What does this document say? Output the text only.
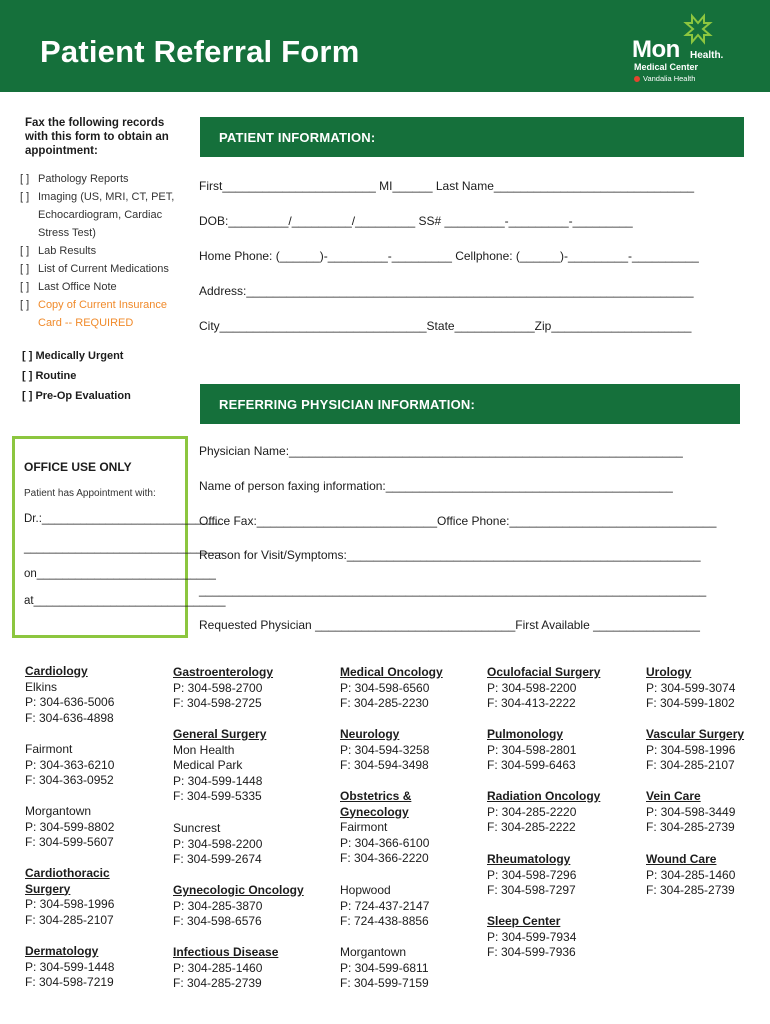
Patient Referral Form	Mon Health.
Medical Center
Vandalia Health
Fax the following records with this form to obtain an appointment:
[ ] Pathology Reports
[ ] Imaging (US, MRI, CT, PET, Echocardiogram, Cardiac Stress Test)
[ ] Lab Results
[ ] List of Current Medications
[ ] Last Office Note
[ ] Copy of Current Insurance Card -- REQUIRED
[ ] Medically Urgent
[ ] Routine
[ ] Pre-Op Evaluation
OFFICE USE ONLY
Patient has Appointment with:
Dr.:____________________________
_______________________________
on____________________________
at______________________________
PATIENT INFORMATION:
First_______________________ MI______ Last Name______________________________
DOB:_________/_________/_________ SS# _________-_________-_________
Home Phone: (______)-_________-_________ Cellphone: (______)-_________-__________
Address:___________________________________________________________________
City_______________________________State____________Zip_____________________
REFERRING PHYSICIAN INFORMATION:
Physician Name:___________________________________________________________
Name of person faxing information:___________________________________________
Office Fax:___________________________Office Phone:_______________________________
Reason for Visit/Symptoms:_____________________________________________________
____________________________________________________________________________
Requested Physician ______________________________First Available ________________
Cardiology
Elkins
P: 304-636-5006
F: 304-636-4898
Fairmont
P: 304-363-6210
F: 304-363-0952
Morgantown
P: 304-599-8802
F: 304-599-5607
Cardiothoracic Surgery
P: 304-598-1996
F: 304-285-2107
Dermatology
P: 304-599-1448
F: 304-598-7219
Gastroenterology
P: 304-598-2700
F: 304-598-2725
General Surgery
Mon Health
Medical Park
P: 304-599-1448
F: 304-599-5335
Suncrest
P: 304-598-2200
F: 304-599-2674
Gynecologic Oncology
P: 304-285-3870
F: 304-598-6576
Infectious Disease
P: 304-285-1460
F: 304-285-2739
Medical Oncology
P: 304-598-6560
F: 304-285-2230
Neurology
P: 304-594-3258
F: 304-594-3498
Obstetrics & Gynecology
Fairmont
P: 304-366-6100
F: 304-366-2220
Hopwood
P: 724-437-2147
F: 724-438-8856
Morgantown
P: 304-599-6811
F: 304-599-7159
Oculofacial Surgery
P: 304-598-2200
F: 304-413-2222
Pulmonology
P: 304-598-2801
F: 304-599-6463
Radiation Oncology
P: 304-285-2220
F: 304-285-2222
Rheumatology
P: 304-598-7296
F: 304-598-7297
Sleep Center
P: 304-599-7934
F: 304-599-7936
Urology
P: 304-599-3074
F: 304-599-1802
Vascular Surgery
P: 304-598-1996
F: 304-285-2107
Vein Care
P: 304-598-3449
F: 304-285-2739
Wound Care
P: 304-285-1460
F: 304-285-2739
